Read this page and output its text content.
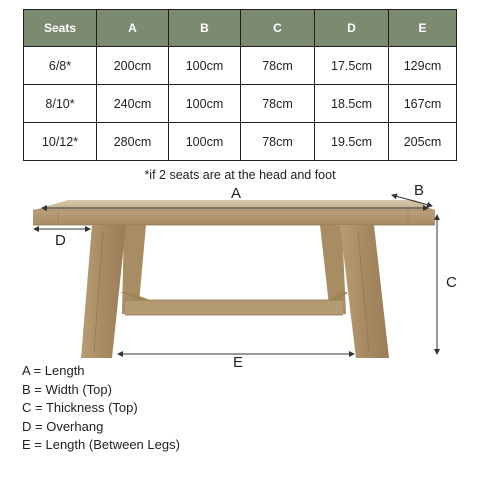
Seats	A	B	C	D	E
6/8*	200cm	100cm	78cm	17.5cm	129cm
8/10*	240cm	100cm	78cm	18.5cm	167cm
10/12*	280cm	100cm	78cm	19.5cm	205cm
*if 2 seats are at the head and foot
A	B
C
D
E
A = Length
B = Width (Top)
C = Thickness (Top)
D = Overhang
E = Length (Between Legs)
